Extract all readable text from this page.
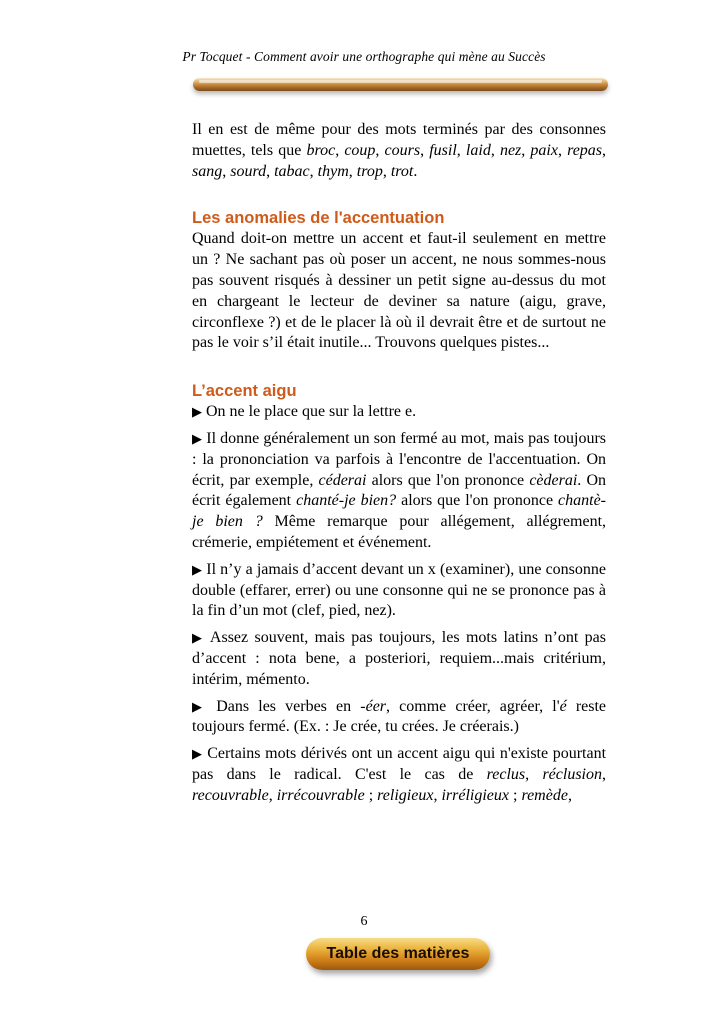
Pr Tocquet - Comment avoir une orthographe qui mène au Succès

Il en est de même pour des mots terminés par des consonnes muettes, tels que broc, coup, cours, fusil, laid, nez, paix, repas, sang, sourd, tabac, thym, trop, trot.

Les anomalies de l'accentuation

Quand doit-on mettre un accent et faut-il seulement en mettre un ? Ne sachant pas où poser un accent, ne nous sommes-nous pas souvent risqués à dessiner un petit signe au-dessus du mot en chargeant le lecteur de deviner sa nature (aigu, grave, circonflexe ?) et de le placer là où il devrait être et de surtout ne pas le voir s’il était inutile... Trouvons quelques pistes...

L’accent aigu

▶ On ne le place que sur la lettre e.

▶ Il donne généralement un son fermé au mot, mais pas toujours : la prononciation va parfois à l'encontre de l'accentuation. On écrit, par exemple, céderai alors que l'on prononce cèderai. On écrit également chanté-je bien? alors que l'on prononce chantè-je bien ? Même remarque pour allégement, allégrement, crémerie, empiétement et événement.

▶ Il n’y a jamais d’accent devant un x (examiner), une consonne double (effarer, errer) ou une consonne qui ne se prononce pas à la fin d’un mot (clef, pied, nez).

▶ Assez souvent, mais pas toujours, les mots latins n’ont pas d’accent : nota bene, a posteriori, requiem...mais critérium, intérim, mémento.

▶ Dans les verbes en -éer, comme créer, agréer, l'é reste toujours fermé. (Ex. : Je crée, tu crées. Je créerais.)

▶ Certains mots dérivés ont un accent aigu qui n'existe pourtant pas dans le radical. C'est le cas de reclus, réclusion, recouvrable, irrécouvrable ; religieux, irréligieux ; remède,

6
Table des matières
